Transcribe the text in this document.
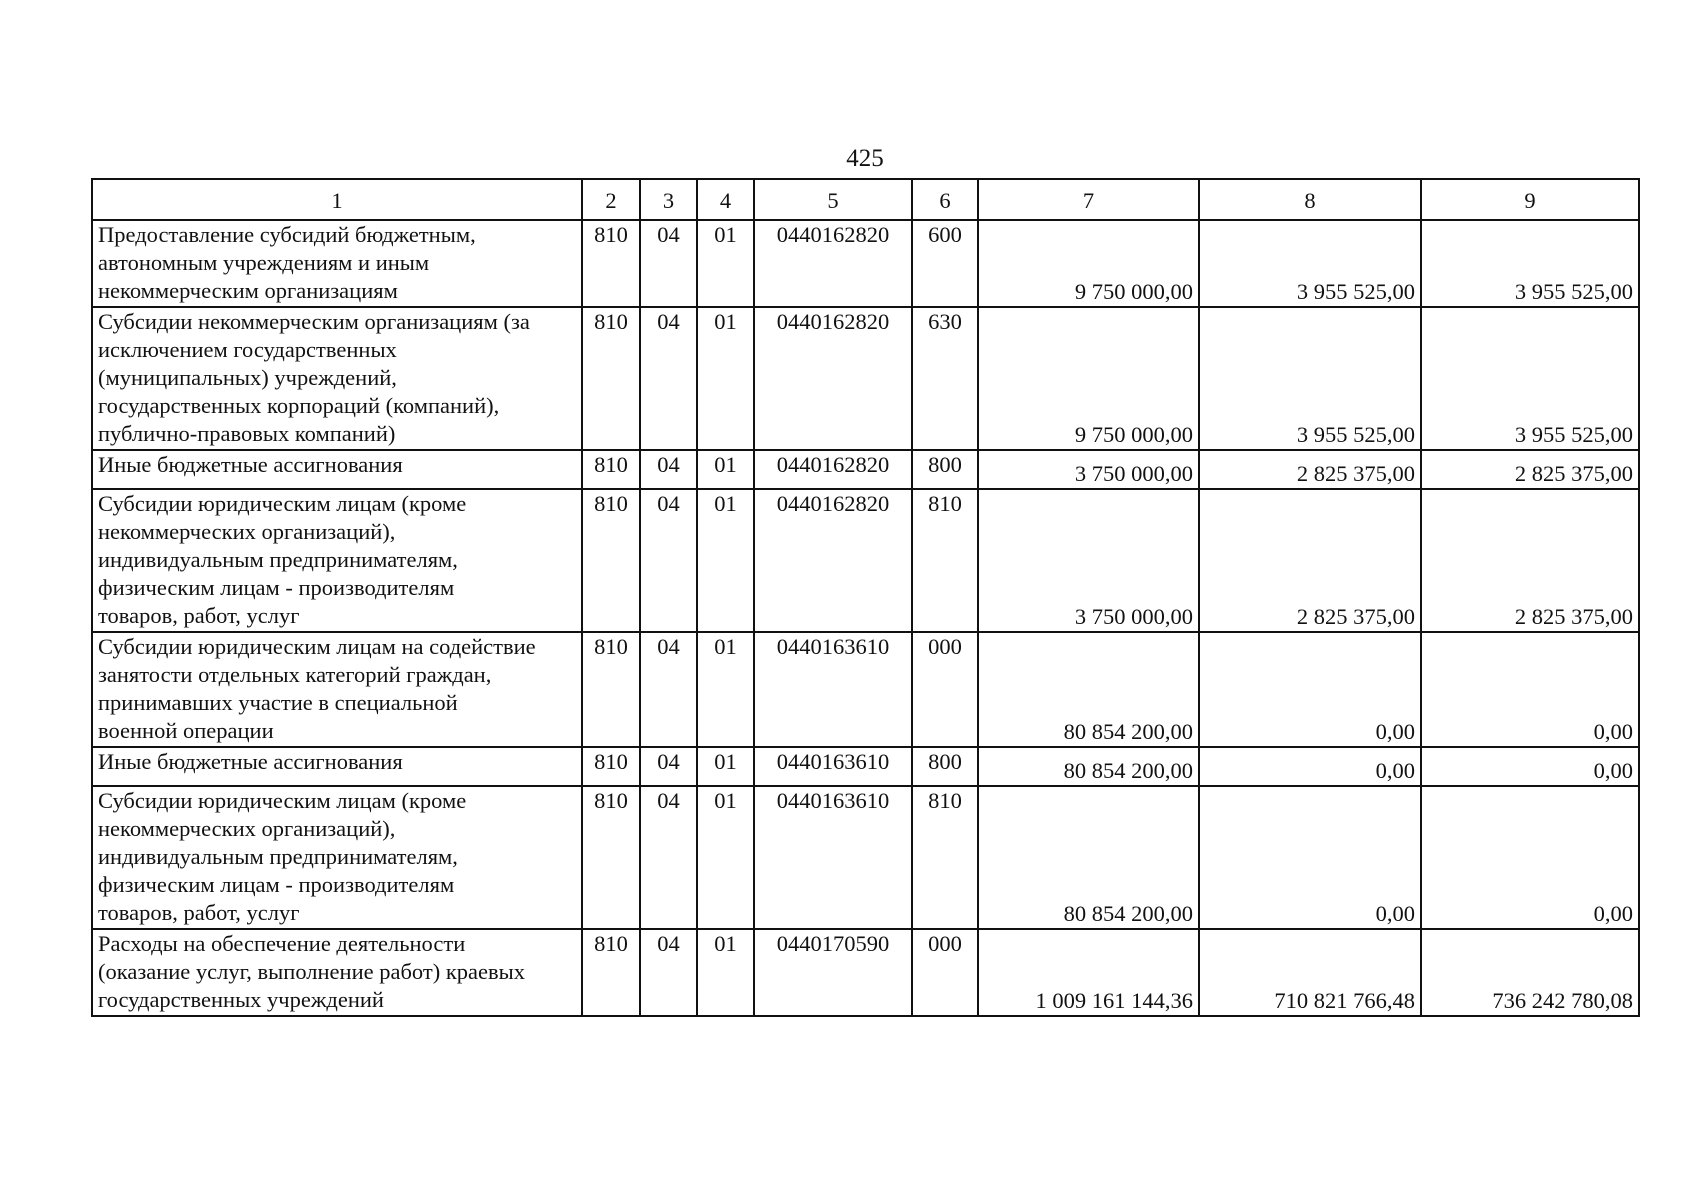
425
1	2	3	4	5	6	7	8	9
Предоставление субсидий бюджетным,
автономным учреждениям и иным
некоммерческим организациям	810	04	01	0440162820	600	9 750 000,00	3 955 525,00	3 955 525,00
Субсидии некоммерческим организациям (за
исключением государственных
(муниципальных) учреждений,
государственных корпораций (компаний),
публично-правовых компаний)	810	04	01	0440162820	630	9 750 000,00	3 955 525,00	3 955 525,00
Иные бюджетные ассигнования	810	04	01	0440162820	800	3 750 000,00	2 825 375,00	2 825 375,00
Субсидии юридическим лицам (кроме
некоммерческих организаций),
индивидуальным предпринимателям,
физическим лицам - производителям
товаров, работ, услуг	810	04	01	0440162820	810	3 750 000,00	2 825 375,00	2 825 375,00
Субсидии юридическим лицам на содействие
занятости отдельных категорий граждан,
принимавших участие в специальной
военной операции	810	04	01	0440163610	000	80 854 200,00	0,00	0,00
Иные бюджетные ассигнования	810	04	01	0440163610	800	80 854 200,00	0,00	0,00
Субсидии юридическим лицам (кроме
некоммерческих организаций),
индивидуальным предпринимателям,
физическим лицам - производителям
товаров, работ, услуг	810	04	01	0440163610	810	80 854 200,00	0,00	0,00
Расходы на обеспечение деятельности
(оказание услуг, выполнение работ) краевых
государственных учреждений	810	04	01	0440170590	000	1 009 161 144,36	710 821 766,48	736 242 780,08
